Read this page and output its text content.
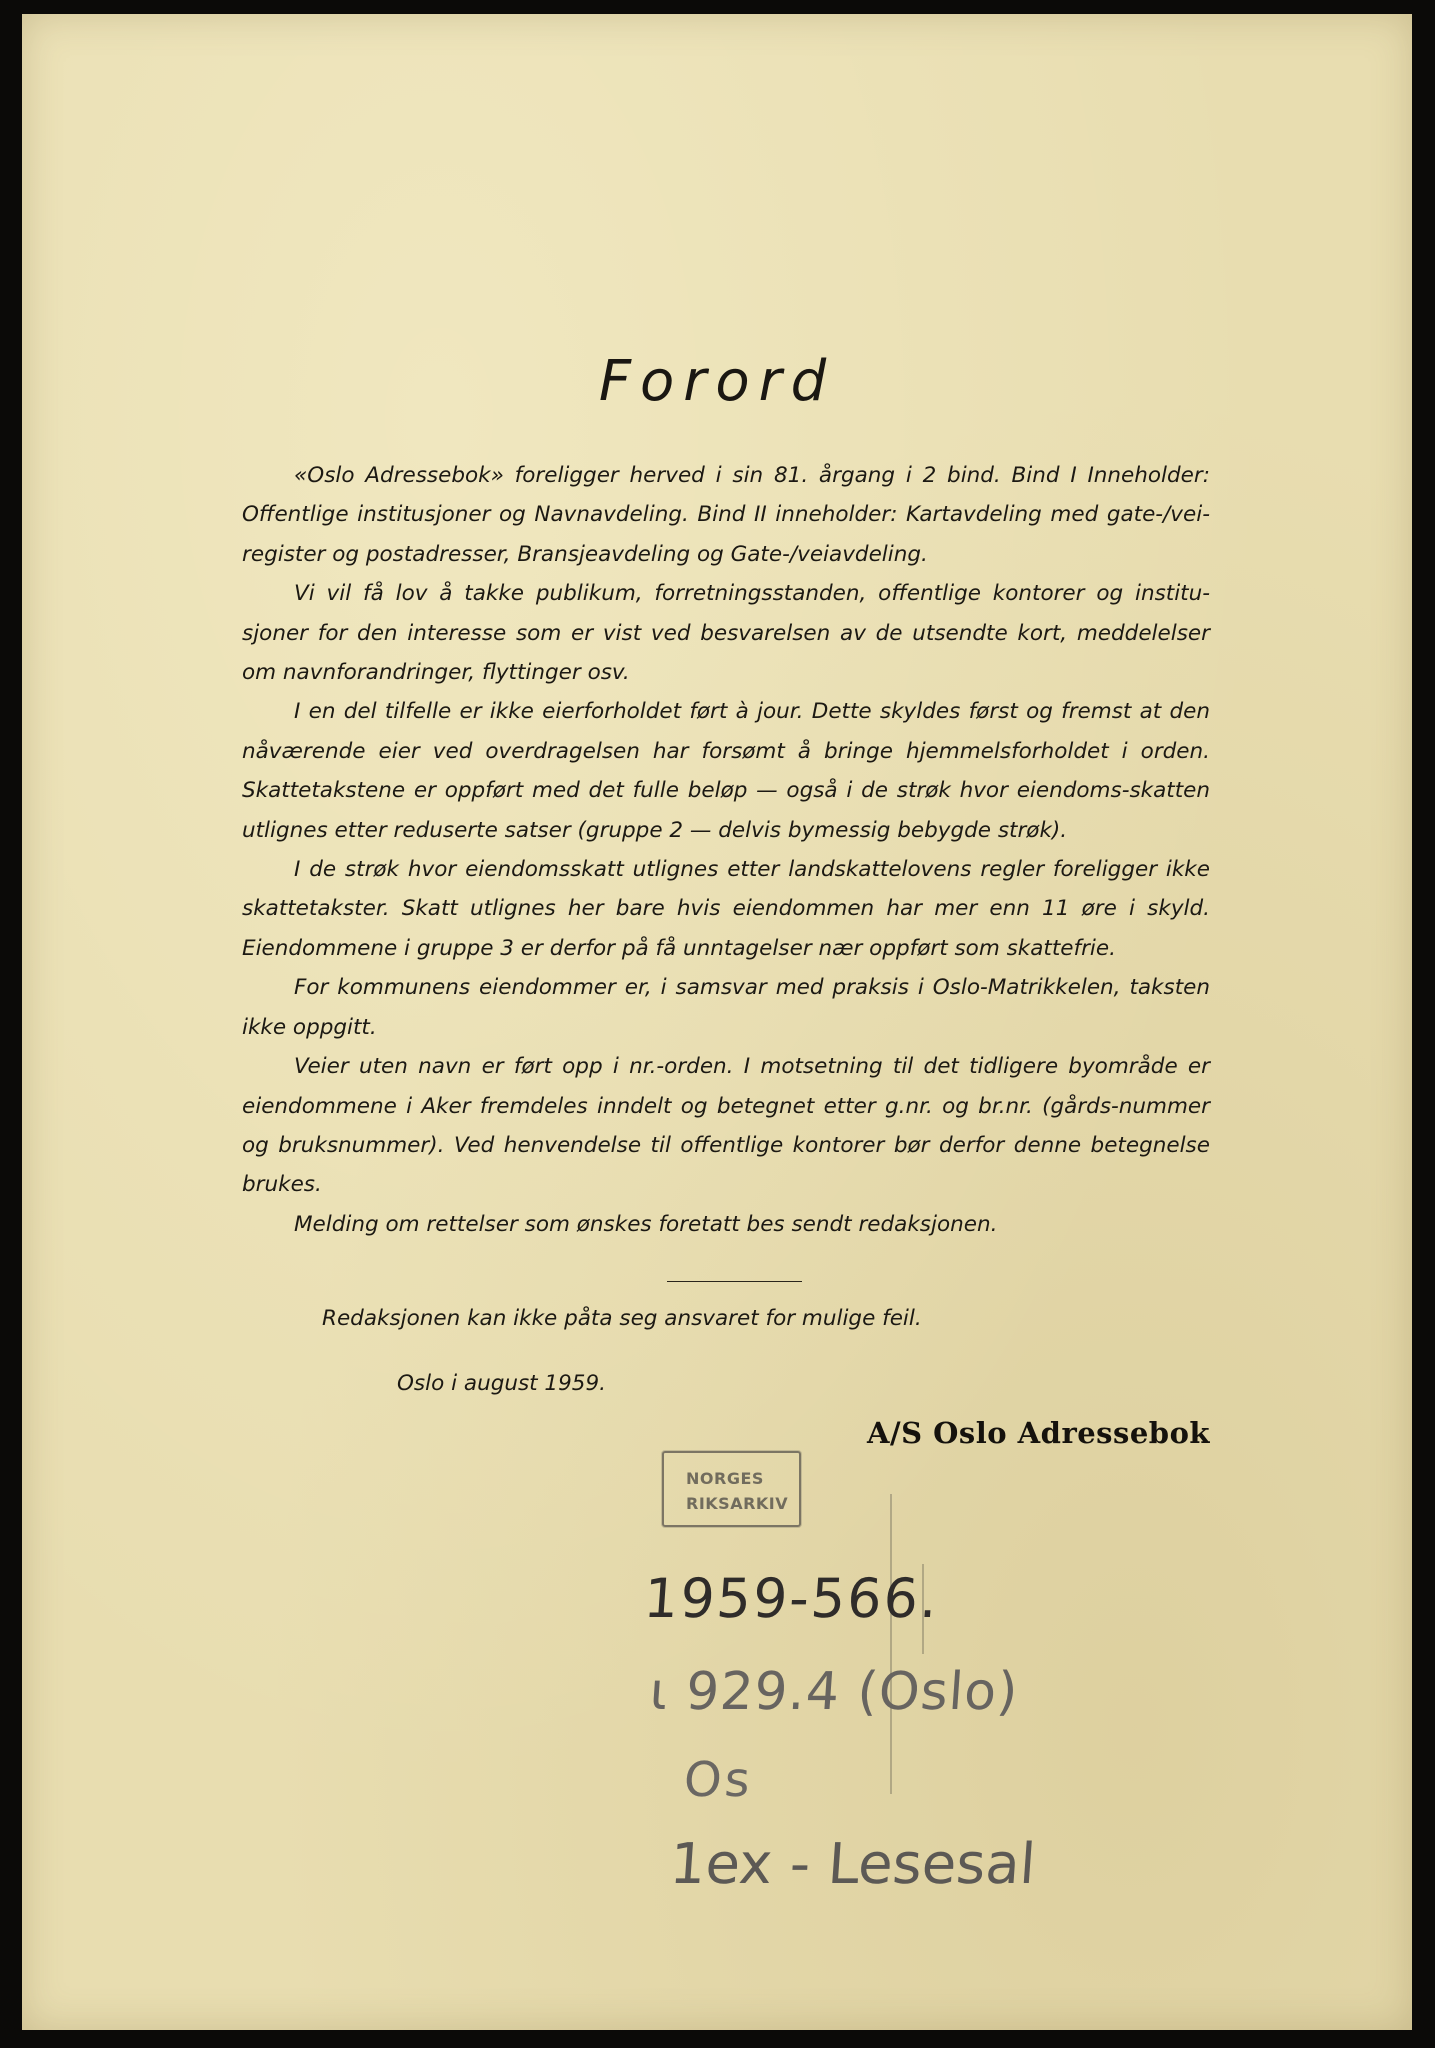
Forord

«Oslo Adressebok» foreligger herved i sin 81. årgang i 2 bind. Bind I Inneholder: Offentlige institusjoner og Navnavdeling. Bind II inneholder: Kartavdeling med gate-/vei-register og postadresser, Bransjeavdeling og Gate-/veiavdeling.

Vi vil få lov å takke publikum, forretningsstanden, offentlige kontorer og institu-sjoner for den interesse som er vist ved besvarelsen av de utsendte kort, meddelelser om navnforandringer, flyttinger osv.

I en del tilfelle er ikke eierforholdet ført à jour. Dette skyldes først og fremst at den nåværende eier ved overdragelsen har forsømt å bringe hjemmelsforholdet i orden. Skattetakstene er oppført med det fulle beløp — også i de strøk hvor eiendoms-skatten utlignes etter reduserte satser (gruppe 2 — delvis bymessig bebygde strøk).

I de strøk hvor eiendomsskatt utlignes etter landskattelovens regler foreligger ikke skattetakster. Skatt utlignes her bare hvis eiendommen har mer enn 11 øre i skyld. Eiendommene i gruppe 3 er derfor på få unntagelser nær oppført som skattefrie.

For kommunens eiendommer er, i samsvar med praksis i Oslo-Matrikkelen, taksten ikke oppgitt.

Veier uten navn er ført opp i nr.-orden. I motsetning til det tidligere byområde er eiendommene i Aker fremdeles inndelt og betegnet etter g.nr. og br.nr. (gårds-nummer og bruksnummer). Ved henvendelse til offentlige kontorer bør derfor denne betegnelse brukes.

Melding om rettelser som ønskes foretatt bes sendt redaksjonen.

Redaksjonen kan ikke påta seg ansvaret for mulige feil.
Oslo i august 1959.
A/S Oslo Adressebok
NORGES
RIKSARKIV
1959-566.
ι 929.4 (Oslo)
Os
1ex - Lesesal
